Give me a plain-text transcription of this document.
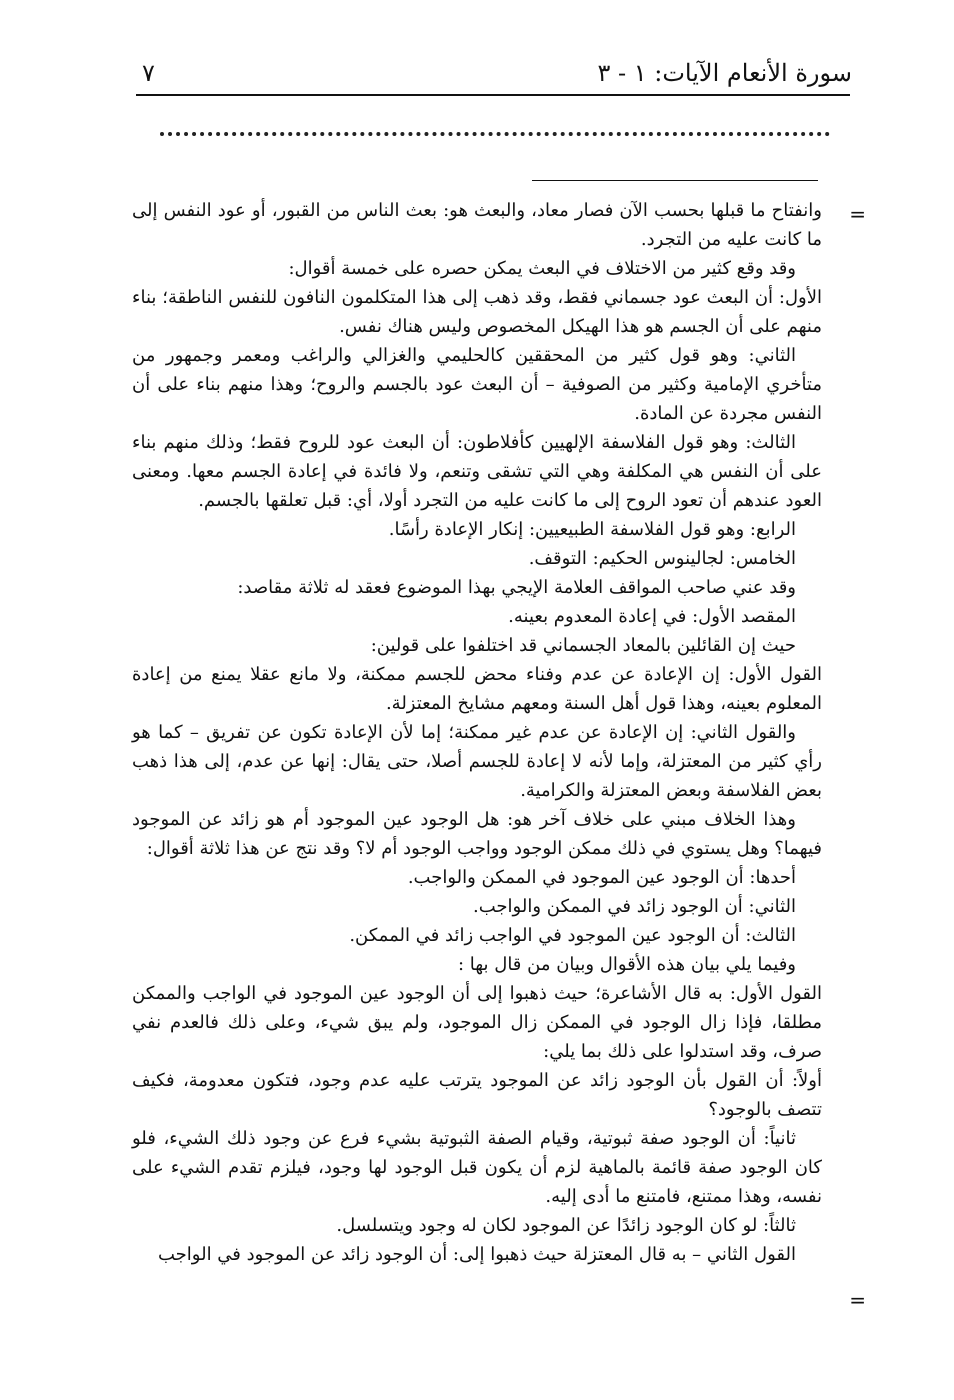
سورة الأنعام الآيات: ١ - ٣
٧
=
=

وانفتاح ما قبلها بحسب الآن فصار معاد، والبعث هو: بعث الناس من القبور، أو عود النفس إلى ما كانت عليه من التجرد.

وقد وقع كثير من الاختلاف في البعث يمكن حصره على خمسة أقوال:

الأول: أن البعث عود جسماني فقط، وقد ذهب إلى هذا المتكلمون النافون للنفس الناطقة؛ بناء منهم على أن الجسم هو هذا الهيكل المخصوص وليس هناك نفس.

الثاني: وهو قول كثير من المحققين كالحليمي والغزالي والراغب ومعمر وجمهور من متأخري الإمامية وكثير من الصوفية – أن البعث عود بالجسم والروح؛ وهذا منهم بناء على أن النفس مجردة عن المادة.

الثالث: وهو قول الفلاسفة الإلهيين كأفلاطون: أن البعث عود للروح فقط؛ وذلك منهم بناء على أن النفس هي المكلفة وهي التي تشقى وتنعم، ولا فائدة في إعادة الجسم معها. ومعنى العود عندهم أن تعود الروح إلى ما كانت عليه من التجرد أولا، أي: قبل تعلقها بالجسم.

الرابع: وهو قول الفلاسفة الطبيعيين: إنكار الإعادة رأسًا.

الخامس: لجالينوس الحكيم: التوقف.

وقد عني صاحب المواقف العلامة الإيجي بهذا الموضوع فعقد له ثلاثة مقاصد:

المقصد الأول: في إعادة المعدوم بعينه.

حيث إن القائلين بالمعاد الجسماني قد اختلفوا على قولين:

القول الأول: إن الإعادة عن عدم وفناء محض للجسم ممكنة، ولا مانع عقلا يمنع من إعادة المعلوم بعينه، وهذا قول أهل السنة ومعهم مشايخ المعتزلة.

والقول الثاني: إن الإعادة عن عدم غير ممكنة؛ إما لأن الإعادة تكون عن تفريق – كما هو رأي كثير من المعتزلة، وإما لأنه لا إعادة للجسم أصلا، حتى يقال: إنها عن عدم، إلى هذا ذهب بعض الفلاسفة وبعض المعتزلة والكرامية.

وهذا الخلاف مبني على خلاف آخر هو: هل الوجود عين الموجود أم هو زائد عن الموجود فيهما؟ وهل يستوي في ذلك ممكن الوجود وواجب الوجود أم لا؟ وقد نتج عن هذا ثلاثة أقوال:

أحدها: أن الوجود عين الموجود في الممكن والواجب.

الثاني: أن الوجود زائد في الممكن والواجب.

الثالث: أن الوجود عين الموجود في الواجب زائد في الممكن.

وفيما يلي بيان هذه الأقوال وبيان من قال بها :

القول الأول: به قال الأشاعرة؛ حيث ذهبوا إلى أن الوجود عين الموجود في الواجب والممكن مطلقا، فإذا زال الوجود في الممكن زال الموجود، ولم يبق شيء، وعلى ذلك فالعدم نفي صرف، وقد استدلوا على ذلك بما يلي:

أولاً: أن القول بأن الوجود زائد عن الموجود يترتب عليه عدم وجود، فتكون معدومة، فكيف تتصف بالوجود؟

ثانياً: أن الوجود صفة ثبوتية، وقيام الصفة الثبوتية بشيء فرع عن وجود ذلك الشيء، فلو كان الوجود صفة قائمة بالماهية لزم أن يكون قبل الوجود لها وجود، فيلزم تقدم الشيء على نفسه، وهذا ممتنع، فامتنع ما أدى إليه.

ثالثاً: لو كان الوجود زائدًا عن الموجود لكان له وجود ويتسلسل.

القول الثاني – به قال المعتزلة حيث ذهبوا إلى: أن الوجود زائد عن الموجود في الواجب
